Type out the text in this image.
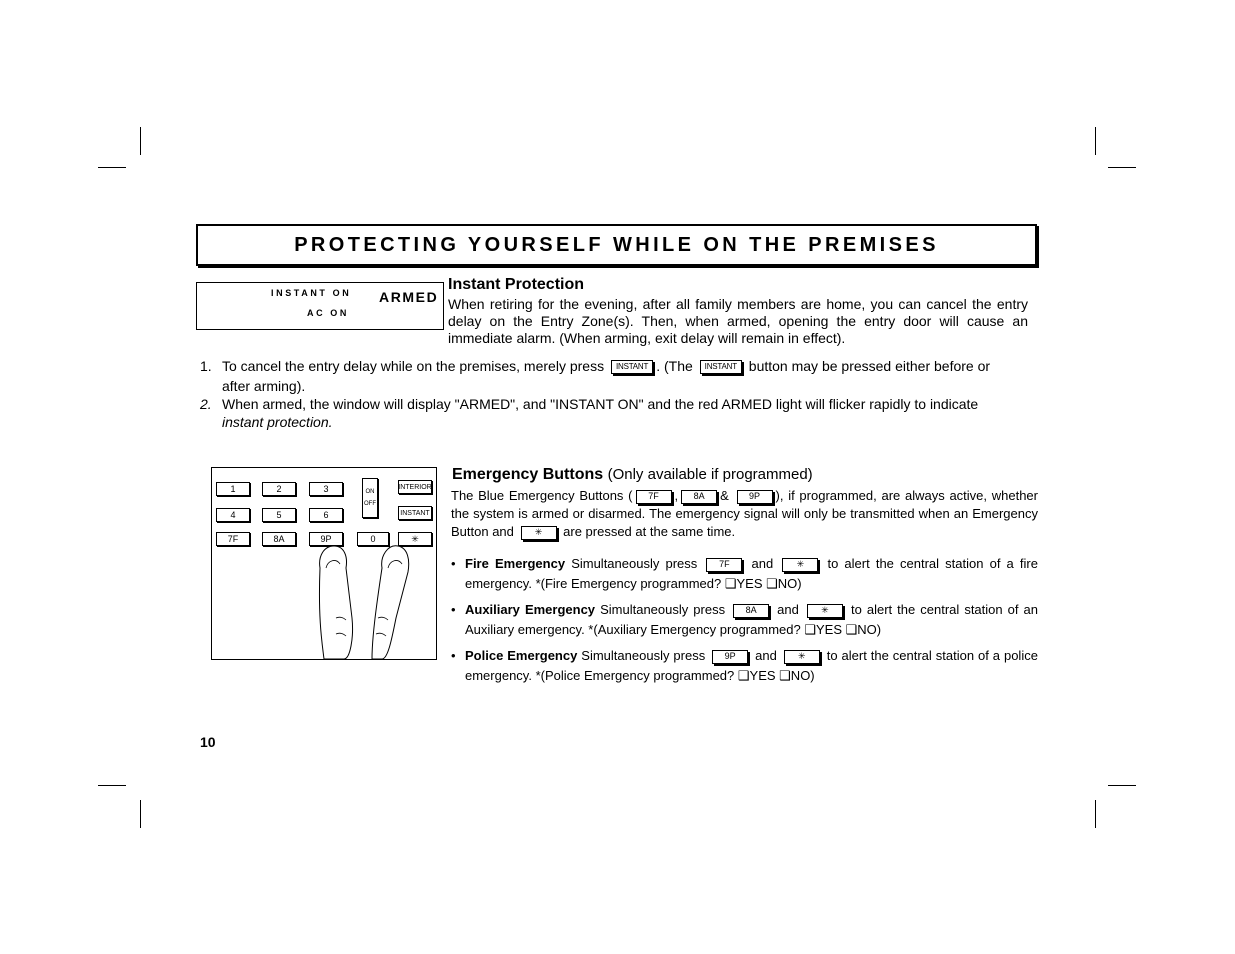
PROTECTING YOURSELF WHILE ON THE PREMISES
INSTANT ON
AC ON
ARMED
Instant Protection
When retiring for the evening, after all family members are home, you can cancel the entry delay on the Entry Zone(s). Then, when armed, opening the entry door will cause an immediate alarm. (When arming, exit delay will remain in effect).
1. To cancel the entry delay while on the premises, merely press INSTANT . (The INSTANT button may be pressed either before or
after arming).
2. When armed, the window will display "ARMED", and "INSTANT ON" and the red ARMED light will flicker rapidly to indicate
instant protection.
1	2	3
4	5	6
7F	8A	9P	0
ON
OFF
INTERIOR
INSTANT
✳
Emergency Buttons (Only available if programmed)
The Blue Emergency Buttons ( 7F , 8A & 9P ), if programmed, are always active, whether the system is armed or disarmed. The emergency signal will only be transmitted when an Emergency Button and ✳ are pressed at the same time.
• Fire Emergency Simultaneously press 7F and	✳ to alert the central station of a fire emergency. *(Fire Emergency programmed? ❑YES ❑NO)
• Auxiliary Emergency Simultaneously press 8A and ✳ to alert the central station of an Auxiliary emergency. *(Auxiliary Emergency programmed? ❑YES ❑NO)
• Police Emergency Simultaneously press 9P and ✳ to alert the central station of a police emergency. *(Police Emergency programmed? ❑YES ❑NO)
10
